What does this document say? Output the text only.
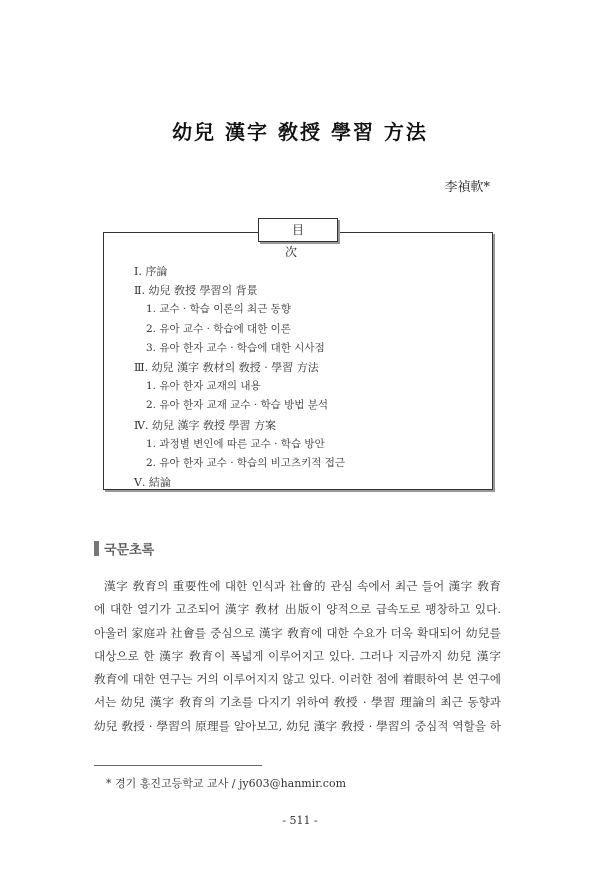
幼兒 漢字 敎授 學習 方法
李禎軟*
目 次
Ⅰ. 序論
Ⅱ. 幼兒 敎授 學習의 背景
1. 교수 · 학습 이론의 최근 동향
2. 유아 교수 · 학습에 대한 이론
3. 유아 한자 교수 · 학습에 대한 시사점
Ⅲ. 幼兒 漢字 敎材의 敎授 · 學習 方法
1. 유아 한자 교재의 내용
2. 유아 한자 교재 교수 · 학습 방법 분석
Ⅳ. 幼兒 漢字 敎授 學習 方案
1. 과정별 변인에 따른 교수 · 학습 방안
2. 유아 한자 교수 · 학습의 비고츠키적 접근
Ⅴ. 結論
국문초록
漢字 敎育의 重要性에 대한 인식과 社會的 관심 속에서 최근 들어 漢字 敎育
에 대한 열기가 고조되어 漢字 敎材 出版이 양적으로 급속도로 팽창하고 있다.
아울러 家庭과 社會를 중심으로 漢字 敎育에 대한 수요가 더욱 확대되어 幼兒를
대상으로 한 漢字 敎育이 폭넓게 이루어지고 있다. 그러나 지금까지 幼兒 漢字
敎育에 대한 연구는 거의 이루어지지 않고 있다. 이러한 점에 着眼하여 본 연구에
서는 幼兒 漢字 敎育의 기초를 다지기 위하여 敎授 · 學習 理論의 최근 동향과
幼兒 敎授 · 學習의 原理를 알아보고, 幼兒 漢字 敎授 · 學習의 중심적 역할을 하
* 경기 홍진고등학교 교사 / jy603@hanmir.com
- 511 -
